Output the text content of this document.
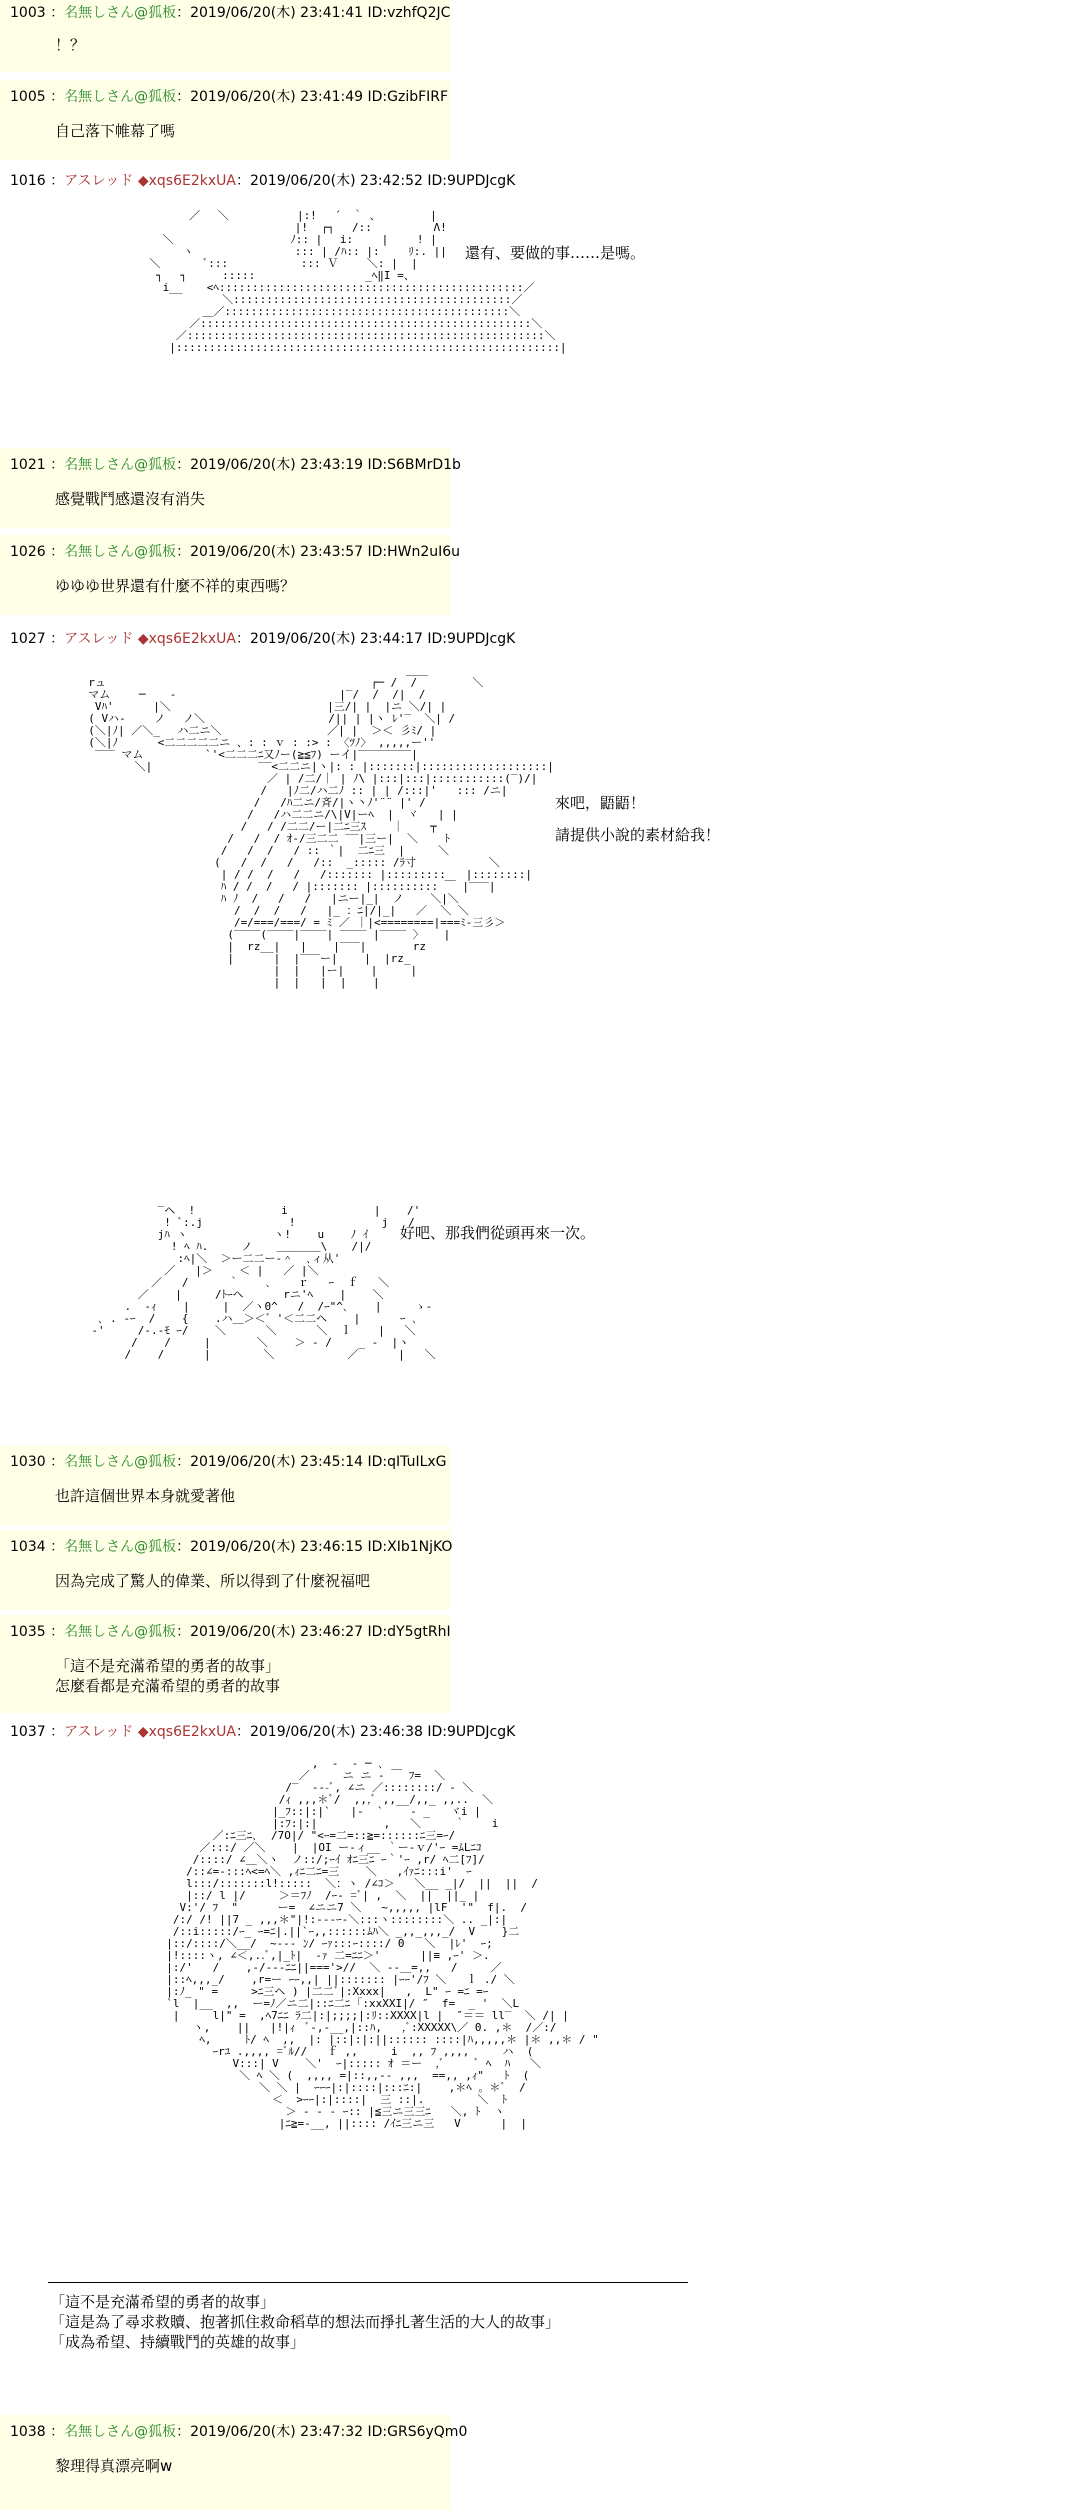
1003 ：名無しさん@狐板：2019/06/20(木) 23:41:41 ID:vzhfQ2JC
！？
1005 ：名無しさん@狐板：2019/06/20(木) 23:41:49 ID:GzibFIRF
自己落下帷幕了嗎
1016 ：アスレッド ◆xqs6E2kxUA：2019/06/20(木) 23:42:52 ID:9UPDJcgK
／　 ＼　　　　　  |:!　 ´　｀ 、　　　　　|
　　　　　　　　　   |!  ┌┐ 　/:: 　　　　　Λ!
＼　　　　　　　　　　 ﾉ:: |　 i:　　 |　　 ! |
ヽ　　　　　　　　  ::: | /ﾊ:: |:　　 ﾘ:. ||
＼ 　　　 ﾞ:::　　　　　　 ::: Ｖ 　　＼: |  |
┐　 ┐　　  :::::　　　　　　　　　　_ﾍ‖I =、
i__ 　 <ﾍ::::::::::::::::::::::::::::::::::::::::::::::／
＼::::::::::::::::::::::::::::::::::::::::::／
＿／:::::::::::::::::::::::::::::::::::::::::::＼
／::::::::::::::::::::::::::::::::::::::::::::::::::＼
／::::::::::::::::::::::::::::::::::::::::::::::::::::::＼
|::::::::::::::::::::::::::::::::::::::::::::::::::::::::::|
還有、要做的事……是嗎。
1021 ：名無しさん@狐板：2019/06/20(木) 23:43:19 ID:S6BMrD1b
感覺戰鬥感還沒有消失
1026 ：名無しさん@狐板：2019/06/20(木) 23:43:57 ID:HWn2uI6u
ゆゆゆ世界還有什麼不祥的東西嗎？
1027 ：アスレッド ◆xqs6E2kxUA：2019/06/20(木) 23:44:17 ID:9UPDJcgK
＿＿
rュ                                        ┌─ /  /     　　＼
マム　　 ─ 　 -　　　　　　　　　　　　　   |‾/  /  /|  /
Vﾊ'　　　 |＼ 　　　　　　　　　　　　　 |三/| |  |ニ ＼/| |
( Vハ-　　 ノ 　ノ＼ 　　　　　　　　　　 /|| | |ヽ ﾚ'‾  ＼| /
(＼|ﾉ| ／＼_ 　ハ二ニ＼ 　　　　　　　　　／| |  ＞＜ 彡ﾐ/ |
(＼|ﾉ 　　　<二二二二二ニ 、: : ｖ : :> : 〈ﾂﾉ〉 ,,,,,ー''
‾‾‾ マム 　　　　　`'<二二二ﾆ又ﾉー(≧≦ﾌ) ーイ|‾‾‾‾‾‾‾‾|
＼|                ‾‾<二二ニ|ヽ|: : |:::::::|:::::::::::::::::::|
／ | /二/｜ | ﾉ\ |:::|:::|:::::::::::(‾)/|
/   |ﾉ二/ハ二ﾉ :: | | /:::|'   ::: /ニ|
/   /ﾊ二ニ/斉/|ヽ丶ﾉ'¨¨ |' /
/   /ハ二二ニ/\|V|ーﾍ  |  ヾ   | |
/   / /二二/ー|二ﾆ三ｽ    ｜    ┬
/   /  / ｵ-/三二二 ‾‾|三ー|  ＼    ﾄ
/   /  /   / :: ｀|  二ﾆ三  |     ＼
(   /  /   /   /::  _::::: /ﾗ寸           ＼
| / /  /   /   /::::::: |:::::::::   |::::::::|
ﾊ / /  /   / |::::::: |:::::::::: ￣ |‾‾‾|
ﾊ ﾉ  /   /   /   |ニー|_|  ノ    ＼|＼
/  /  /   /   |_ ：ﾆ|/|_|   ／  ＼ ＼
/=/===/===/ = ﾐ ／ ｜|<========|===ﾐ‐三彡＞
(‾‾‾‾(‾‾‾‾|‾‾‾‾| ‾‾‾‾ |‾‾‾‾ 〉   |
|  rz__|   |    |‾‾‾|       rz
|      |  |‾‾‾ー|    |  |rz_
|  |   |ー|    |     |
|  |   |  |    |
來吧，鼯鼯！
請提供小說的素材給我！
‾ヘ  !             i             |    /'
! ﾞ:.j             !             j   /
jﾊ ヽ             ヽ!    u    ﾉ ｲ
! ﾍ ﾊ.     ノ 　 ＿＿＿＿\ 　 /|/
:ﾍ|＼  ＞ー二二ー-＾  ､ィ从'
／   |＞    ＜ |   ／ |＼
／   /      ｀    ､    ｒ   ｰ  ｆ   ＼
／    |     /ﾄｰヘ      rニ'ﾍ    |    ＼
.  -ｨ    |     |  ／ヽ0^   /  /ｰ"^､    |     ゝ-
､ . -ｰ  /    {    .ハ＿＞＜゛'＜二二ヘ    |      ｰ ､
‐'     /-.-ﾓ ｰ/    ＼      ＼      ＼  ｌ    |   ＼
/    /     |       ＼    ＞ - /    _ -  |ヽ
/    /      |        ＼           ／      |   ＼
好吧、那我們從頭再來一次。
1030 ：名無しさん@狐板：2019/06/20(木) 23:45:14 ID:qITuILxG
也許這個世界本身就愛著他
1034 ：名無しさん@狐板：2019/06/20(木) 23:46:15 ID:XIb1NjKO
因為完成了驚人的偉業、所以得到了什麼祝福吧
1035 ：名無しさん@狐板：2019/06/20(木) 23:46:27 ID:dY5gtRhI
「這不是充滿希望的勇者的故事」
怎麼看都是充滿希望的勇者的故事
1037 ：アスレッド ◆xqs6E2kxUA：2019/06/20(木) 23:46:38 ID:9UPDJcgK
,  -  ‐ ─ ､
／     ニ ニ ‐ ￣ ﾌ=  ＼
/‾  ‐--ﾞ, ∠ニ ／::::::::/ ‐ ＼
/ｨ ,,,＊ﾞ/  ,,,ﾞ ,,__/,,_ ,,..  ＼
|_ﾌ::|:|`   |‐  `    ‐ _   ヾi |
|:ﾌ:|:|          ,   ＼     ｀    i
／:ﾆ三ﾆ､  /7O|/ "<ｰ=二=::≧=::::::ﾆ三=ｰ/
／:::/ ／＼    |  |OI ー‐ィ__ ｀ー-ｖ/'ｰ =ﾑLﾆｺ
/::::/ ∠＿＼ヽ  ノ::/;ｰｲ ｵﾆ三ﾆ ｰ｀'ｰ ,r/ ﾍ二[ﾌ]/
/::∠=-:::ﾍ<=ﾍ＼ ,ｨﾆ二ﾆ=三    ＼   ,ｲｧﾆ:::i'  ｰ
l:::/:::::::l!:::::  ＼：ヽ /∠ｺ＞   ＼__ _|/  ||  ||  /
|::/ l |/     ＞＝ﾌﾉ  /ｰ‐ =ﾞ| ,  ＼  ||  ||_ |
V:'/ ﾌ  "      ー=  ∠ニニ7 ＼   ~,,,,, |lF  '"  f|.  /
/:/ /! ||7 _ ,,,＊"|!:---ｰ‐＼:::ヽ::::::::＼ .. _|:|
/::i:::::/ｰ_ ｰ=ﾆ|.||`ｰ,,::::::ﾑﾊ＼ _,,_,,,_/  V    }二
|::/::::/＼__/  ~‐-- ﾝ/ ｰｧ:::ｰ::::/ 0   ＼  |ﾚ'  ｰ;
|!::::ヽ, ∠＜,..ﾞ,|_ﾄ|  ‐ｧ 二=ﾆﾆ＞'      ||≡ ,ｰ' ＞.
|:/'   /    ,‐/---ﾆﾆ||==='>//  ＼ ‐-＿=,,   /     ／
|::ﾍ,,,_/    ,r=ー ｰｰ,,| ||::::::: |ｰｰ'/ﾌ ＼   ｌ ./ ＼
|:ﾉ_ " =     >ﾆ三ヘ ) |二二ﾞ|:Xxxx|   ,  L" ｰ =ﾆ =ｰ
`l  |__  ,,  ー=ﾉ／ニ二|::ﾆ二ﾆ ｢:xxXXI|/ ″  f=  _ '  ＼L
|     l|" =  ,ﾍ7ﾆﾆ ﾗ二|:|;;;;|:ﾘ::XXXX|l |  ″＝＝ ll‾  ＼ /| |
ヽ,    ||   |!|ｨ  ﾞ‐,-__,|::ﾊ,   ,ﾞ:XXXXX\／ 0. ,＊  /／:/
ﾍ,     ﾄ/ ﾍ  ,,  |: |::|:|:||:::::: ::::|ﾊ,,,,,＊ |＊ ,,＊ / "
ｰrﾕ .,,,, =ﾞﾙ//   ｆ ,,     i  ,, ﾌ ,,,,     ハ  (
V:::| V    ＼'  ｰ|::::: ｵ ＝ー  ,ﾞ     ﾞ ﾍ  ﾊ   ＼
＼ ﾍ ＼ (  ,,,, =|::,,-- ,,,  ==,, ,ｨ"   ﾄ  (
＼ ＼ |  ｰｰｰ|:|::::|:::ﾆ:|    ,＊ﾍ 。＊ﾞ  /
＜  >ｰｰ|:|::::|  三 ::|.        ＼  ﾄ
＞ ‐ ‐ ‐ ｰ:: |≦三ニ三三ﾆ   ＼, ﾄ  ヽ
|ﾆ≧=-__, ||:::: /ｲﾆ三ニ三   V      |  |
「這不是充滿希望的勇者的故事」
「這是為了尋求救贖、抱著抓住救命稻草的想法而掙扎著生活的大人的故事」
「成為希望、持續戰鬥的英雄的故事」
1038 ：名無しさん@狐板：2019/06/20(木) 23:47:32 ID:GRS6yQm0
黎理得真漂亮啊w
